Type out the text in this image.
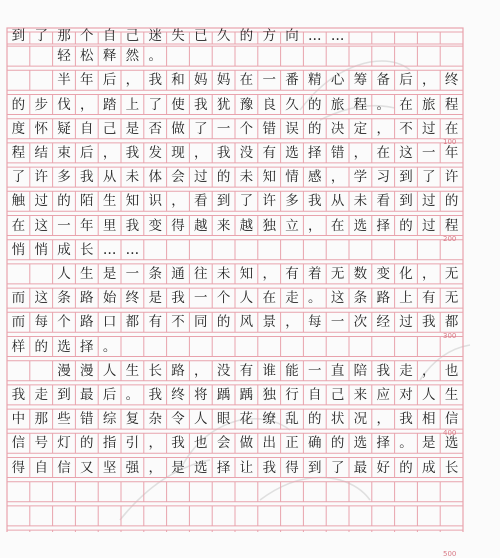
100
200
300
400
500
到 了 那 个 自 己 迷 失 已 久 的 方 向 … …
轻 松 释 然 。
半 年 后 ， 我 和 妈 妈 在 一 番 精 心 筹 备 后 ， 终
的 步 伐 ， 踏 上 了 使 我 犹 豫 良 久 的 旅 程 。 在 旅 程
度 怀 疑 自 己 是 否 做 了 一 个 错 误 的 决 定 ， 不 过 在
程 结 束 后 ， 我 发 现 ， 我 没 有 选 择 错 ， 在 这 一 年
了 许 多 我 从 未 体 会 过 的 未 知 情 感 ， 学 习 到 了 许
触 过 的 陌 生 知 识 ， 看 到 了 许 多 我 从 未 看 到 过 的
在 这 一 年 里 我 变 得 越 来 越 独 立 ， 在 选 择 的 过 程
悄 悄 成 长 … …
人 生 是 一 条 通 往 未 知 ， 有 着 无 数 变 化 ， 无
而 这 条 路 始 终 是 我 一 个 人 在 走 。 这 条 路 上 有 无
而 每 个 路 口 都 有 不 同 的 风 景 ， 每 一 次 经 过 我 都
样 的 选 择 。
漫 漫 人 生 长 路 ， 没 有 谁 能 一 直 陪 我 走 ， 也
我 走 到 最 后 。 我 终 将 踽 踽 独 行 自 己 来 应 对 人 生
中 那 些 错 综 复 杂 令 人 眼 花 缭 乱 的 状 况 ， 我 相 信
信 号 灯 的 指 引 ， 我 也 会 做 出 正 确 的 选 择 。 是 选
得 自 信 又 坚 强 ， 是 选 择 让 我 得 到 了 最 好 的 成 长
